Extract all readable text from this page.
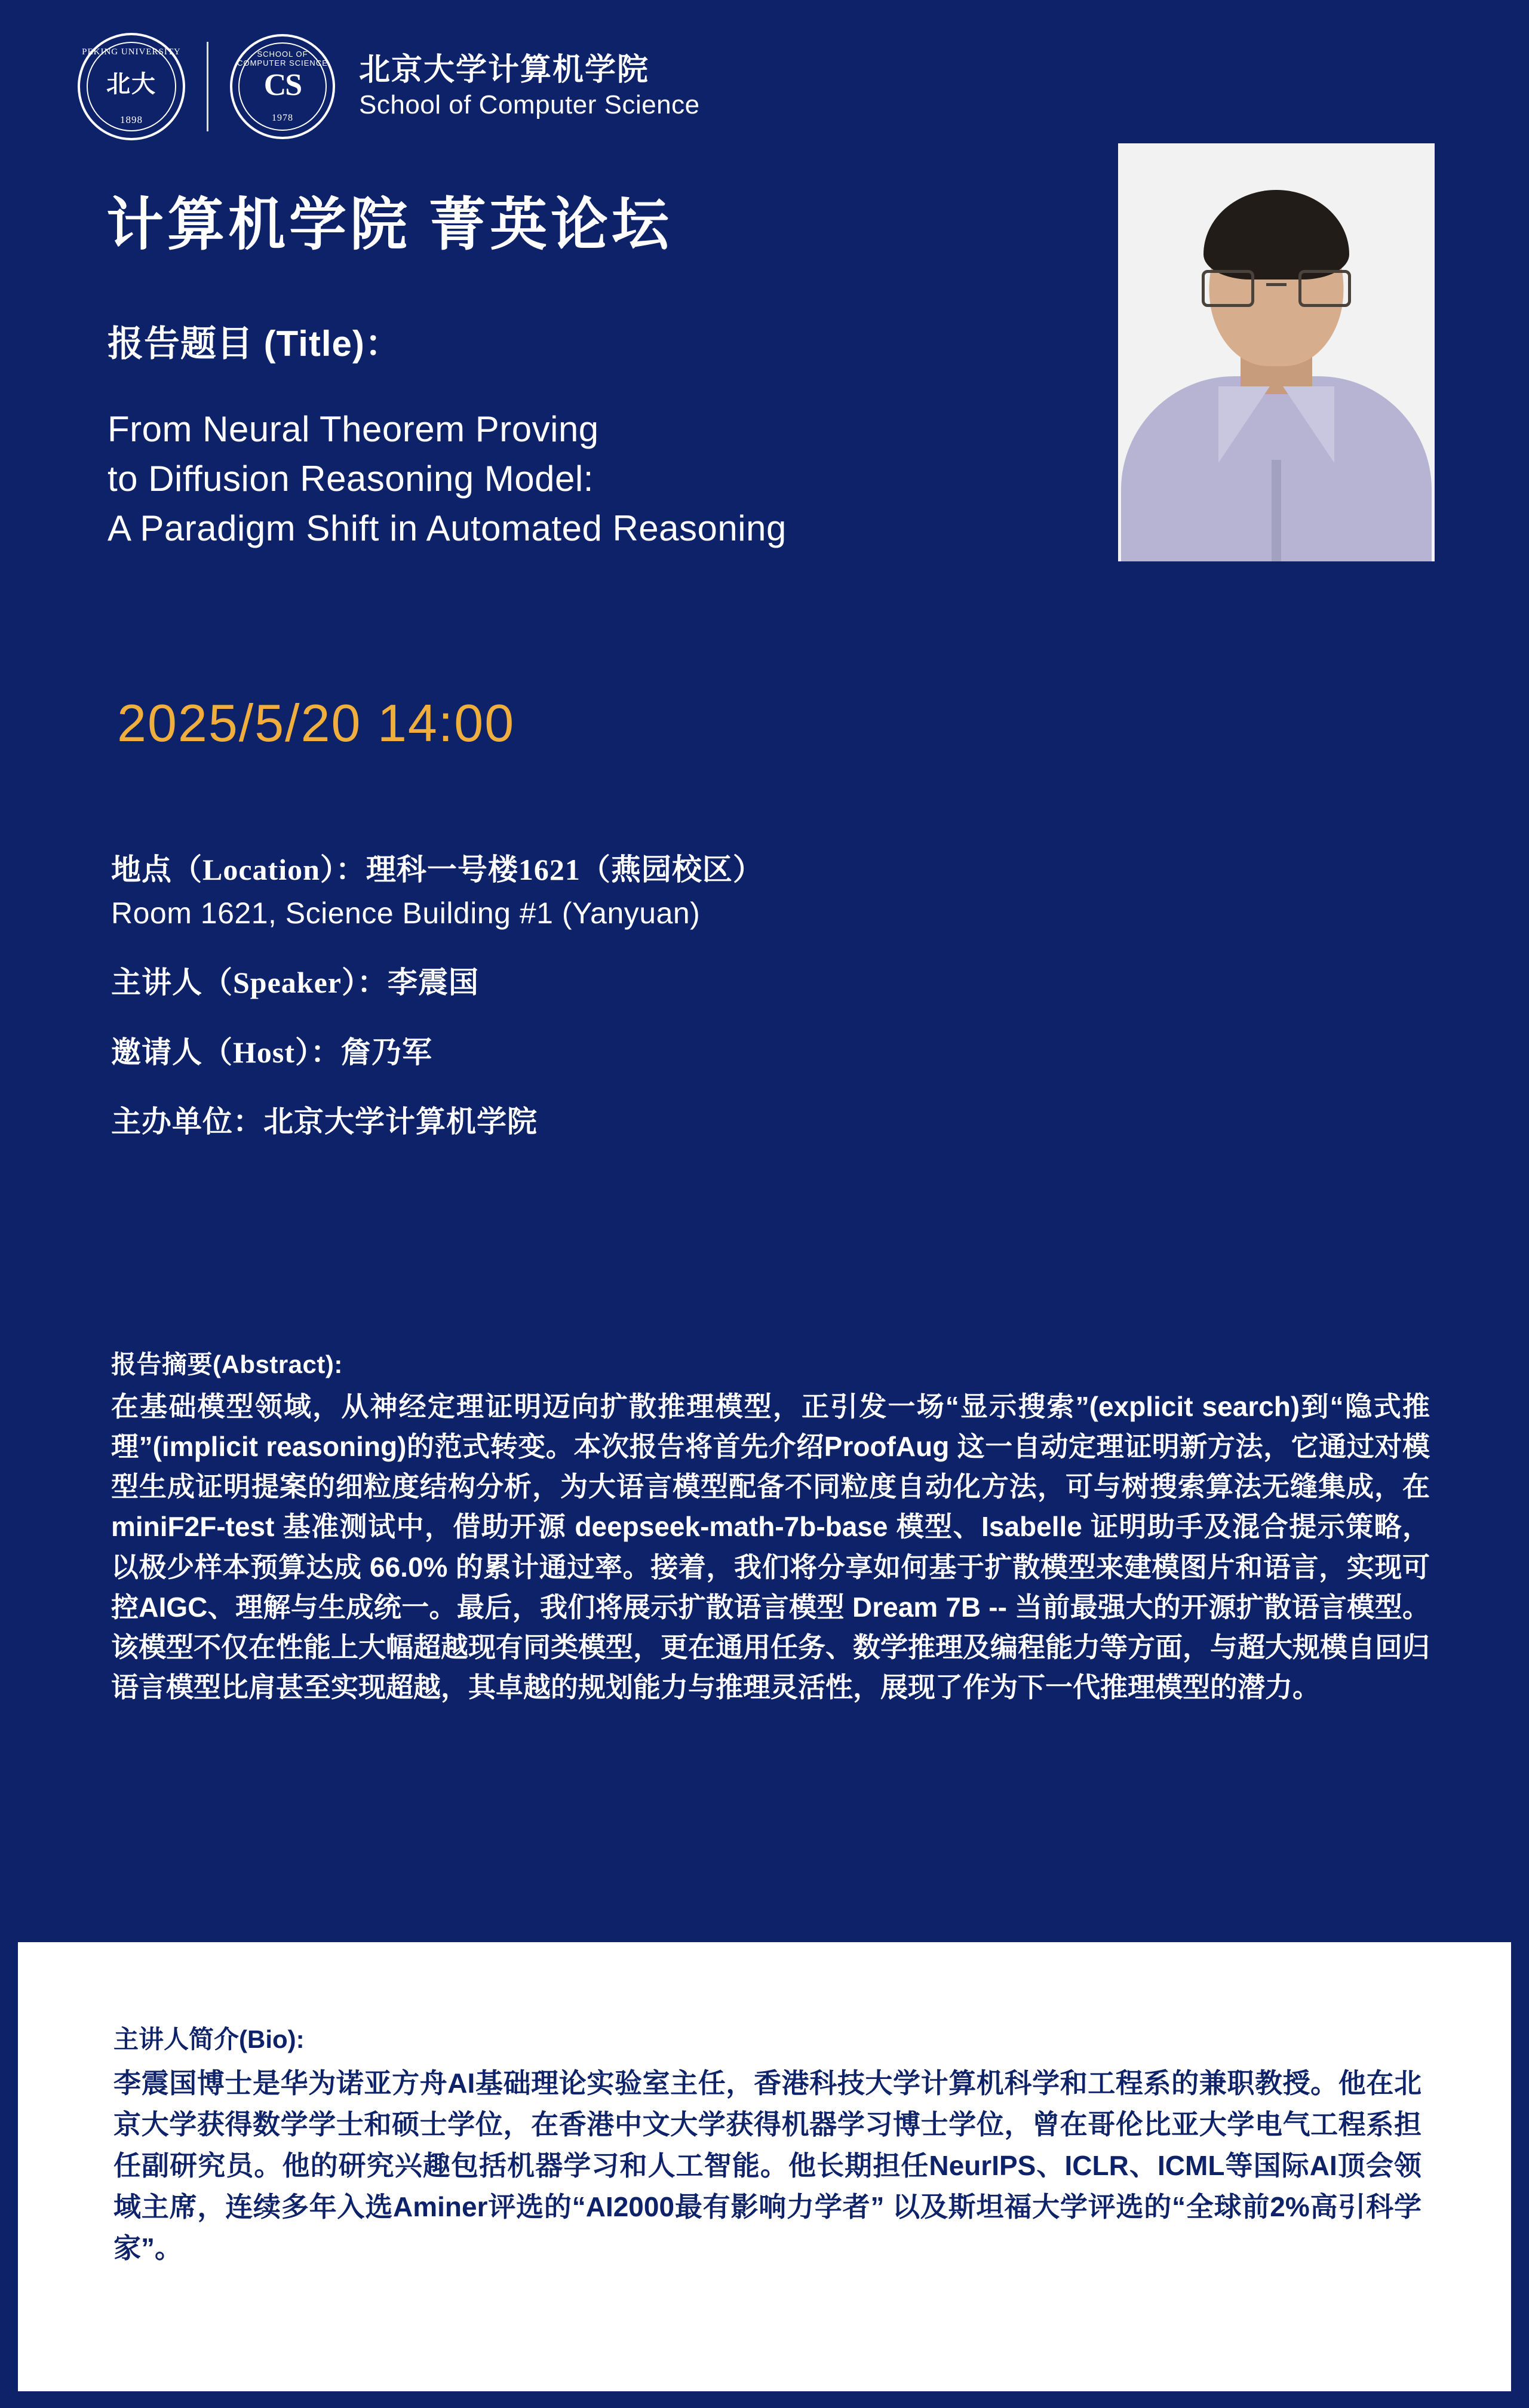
PEKING UNIVERSITY
北大
1898
SCHOOL OF COMPUTER SCIENCE
CS
1978
北京大学计算机学院
School of Computer Science
计算机学院 菁英论坛
报告题目 (Title)：
From Neural Theorem Proving
to Diffusion Reasoning Model:
A Paradigm Shift in Automated Reasoning
2025/5/20 14:00
地点（Location）：理科一号楼1621（燕园校区）
Room 1621, Science Building #1 (Yanyuan)
主讲人（Speaker）：李震国
邀请人（Host）：詹乃军
主办单位：北京大学计算机学院
报告摘要(Abstract):
在基础模型领域，从神经定理证明迈向扩散推理模型，正引发一场“显示搜索”(explicit search)到“隐式推理”(implicit reasoning)的范式转变。本次报告将首先介绍ProofAug 这一自动定理证明新方法，它通过对模型生成证明提案的细粒度结构分析，为大语言模型配备不同粒度自动化方法，可与树搜索算法无缝集成，在miniF2F-test 基准测试中，借助开源 deepseek-math-7b-base 模型、Isabelle 证明助手及混合提示策略，以极少样本预算达成 66.0% 的累计通过率。接着，我们将分享如何基于扩散模型来建模图片和语言，实现可控AIGC、理解与生成统一。最后，我们将展示扩散语言模型 Dream 7B -- 当前最强大的开源扩散语言模型。该模型不仅在性能上大幅超越现有同类模型，更在通用任务、数学推理及编程能力等方面，与超大规模自回归语言模型比肩甚至实现超越，其卓越的规划能力与推理灵活性，展现了作为下一代推理模型的潜力。
主讲人简介(Bio):
李震国博士是华为诺亚方舟AI基础理论实验室主任，香港科技大学计算机科学和工程系的兼职教授。他在北京大学获得数学学士和硕士学位，在香港中文大学获得机器学习博士学位，曾在哥伦比亚大学电气工程系担任副研究员。他的研究兴趣包括机器学习和人工智能。他长期担任NeurIPS、ICLR、ICML等国际AI顶会领域主席，连续多年入选Aminer评选的“AI2000最有影响力学者” 以及斯坦福大学评选的“全球前2%高引科学家”。
